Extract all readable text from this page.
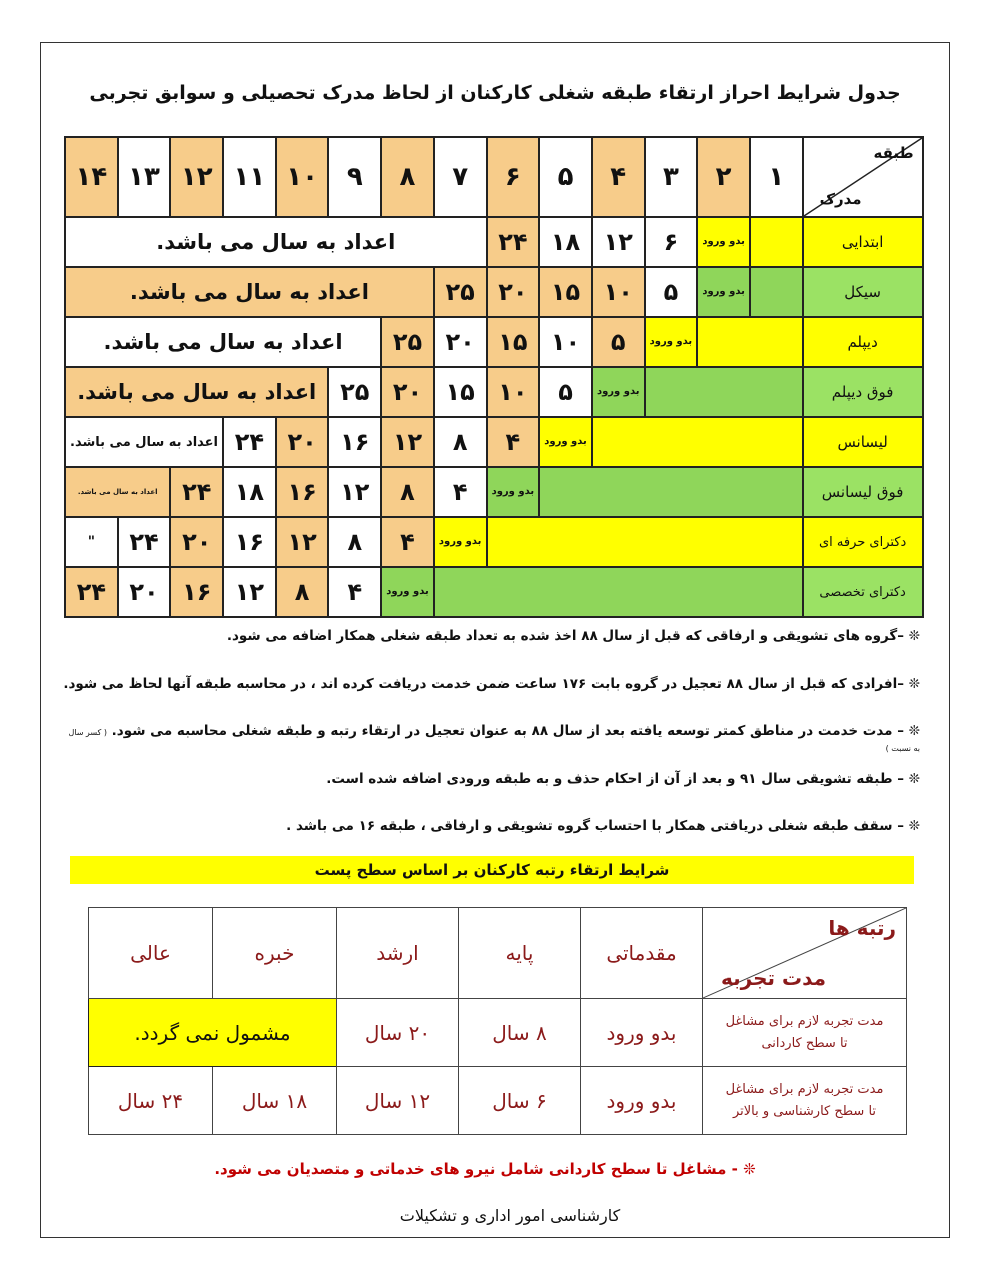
جدول شرایط احراز ارتقاء طبقه شغلی کارکنان از لحاظ مدرک تحصیلی و سوابق تجربی
طبقه
مدرک	۱	۲	۳	۴	۵	۶	۷	۸	۹	۱۰	۱۱	۱۲	۱۳	۱۴
ابتدایی		بدو ورود	۶	۱۲	۱۸	۲۴	اعداد به سال می باشد.							
سیکل		بدو ورود	۵	۱۰	۱۵	۲۰	۲۵	اعداد به سال می باشد.						
دیپلم			بدو ورود	۵	۱۰	۱۵	۲۰	۲۵	اعداد به سال می باشد.					
فوق دیپلم				بدو ورود	۵	۱۰	۱۵	۲۰	۲۵	اعداد به سال می باشد.				
لیسانس					بدو ورود	۴	۸	۱۲	۱۶	۲۰	۲۴	اعداد به سال می باشد.		
فوق لیسانس						بدو ورود	۴	۸	۱۲	۱۶	۱۸	۲۴	اعداد به سال می باشد.	
دکترای حرفه ای							بدو ورود	۴	۸	۱۲	۱۶	۲۰	۲۴	"
دکترای تخصصی								بدو ورود	۴	۸	۱۲	۱۶	۲۰	۲۴
❊ –گروه های تشویقی و ارفاقی که قبل از سال ۸۸ اخذ شده به تعداد طبقه شغلی همکار اضافه می شود.
❊ –افرادی که قبل از سال ۸۸ تعجیل در گروه بابت ۱۷۶ ساعت ضمن خدمت دریافت کرده اند ، در محاسبه طبقه آنها لحاظ می شود.
❊ – مدت خدمت در مناطق کمتر توسعه یافته بعد از سال ۸۸ به عنوان تعجیل در ارتقاء رتبه و طبقه شغلی محاسبه می شود. ( کسر سال به نسبت )
❊ – طبقه تشویقی سال ۹۱ و بعد از آن از احکام حذف و به طبقه ورودی اضافه شده است.
❊ – سقف طبقه شغلی دریافتی همکار با احتساب گروه تشویقی و ارفاقی ، طبقه ۱۶ می باشد .
شرایط ارتقاء رتبه کارکنان بر اساس سطح پست
رتبه ها
مدت تجربه	مقدماتی	پایه	ارشد	خبره	عالی

مدت تجربه لازم برای مشاغل
تا سطح کاردانی	بدو ورود	۸ سال	۲۰ سال	مشمول نمی گردد.	

مدت تجربه لازم برای مشاغل
تا سطح کارشناسی و بالاتر	بدو ورود	۶ سال	۱۲ سال	۱۸ سال	۲۴ سال
❊ - مشاغل تا سطح کاردانی شامل نیرو های خدماتی و متصدیان می شود.
کارشناسی امور اداری و تشکیلات
